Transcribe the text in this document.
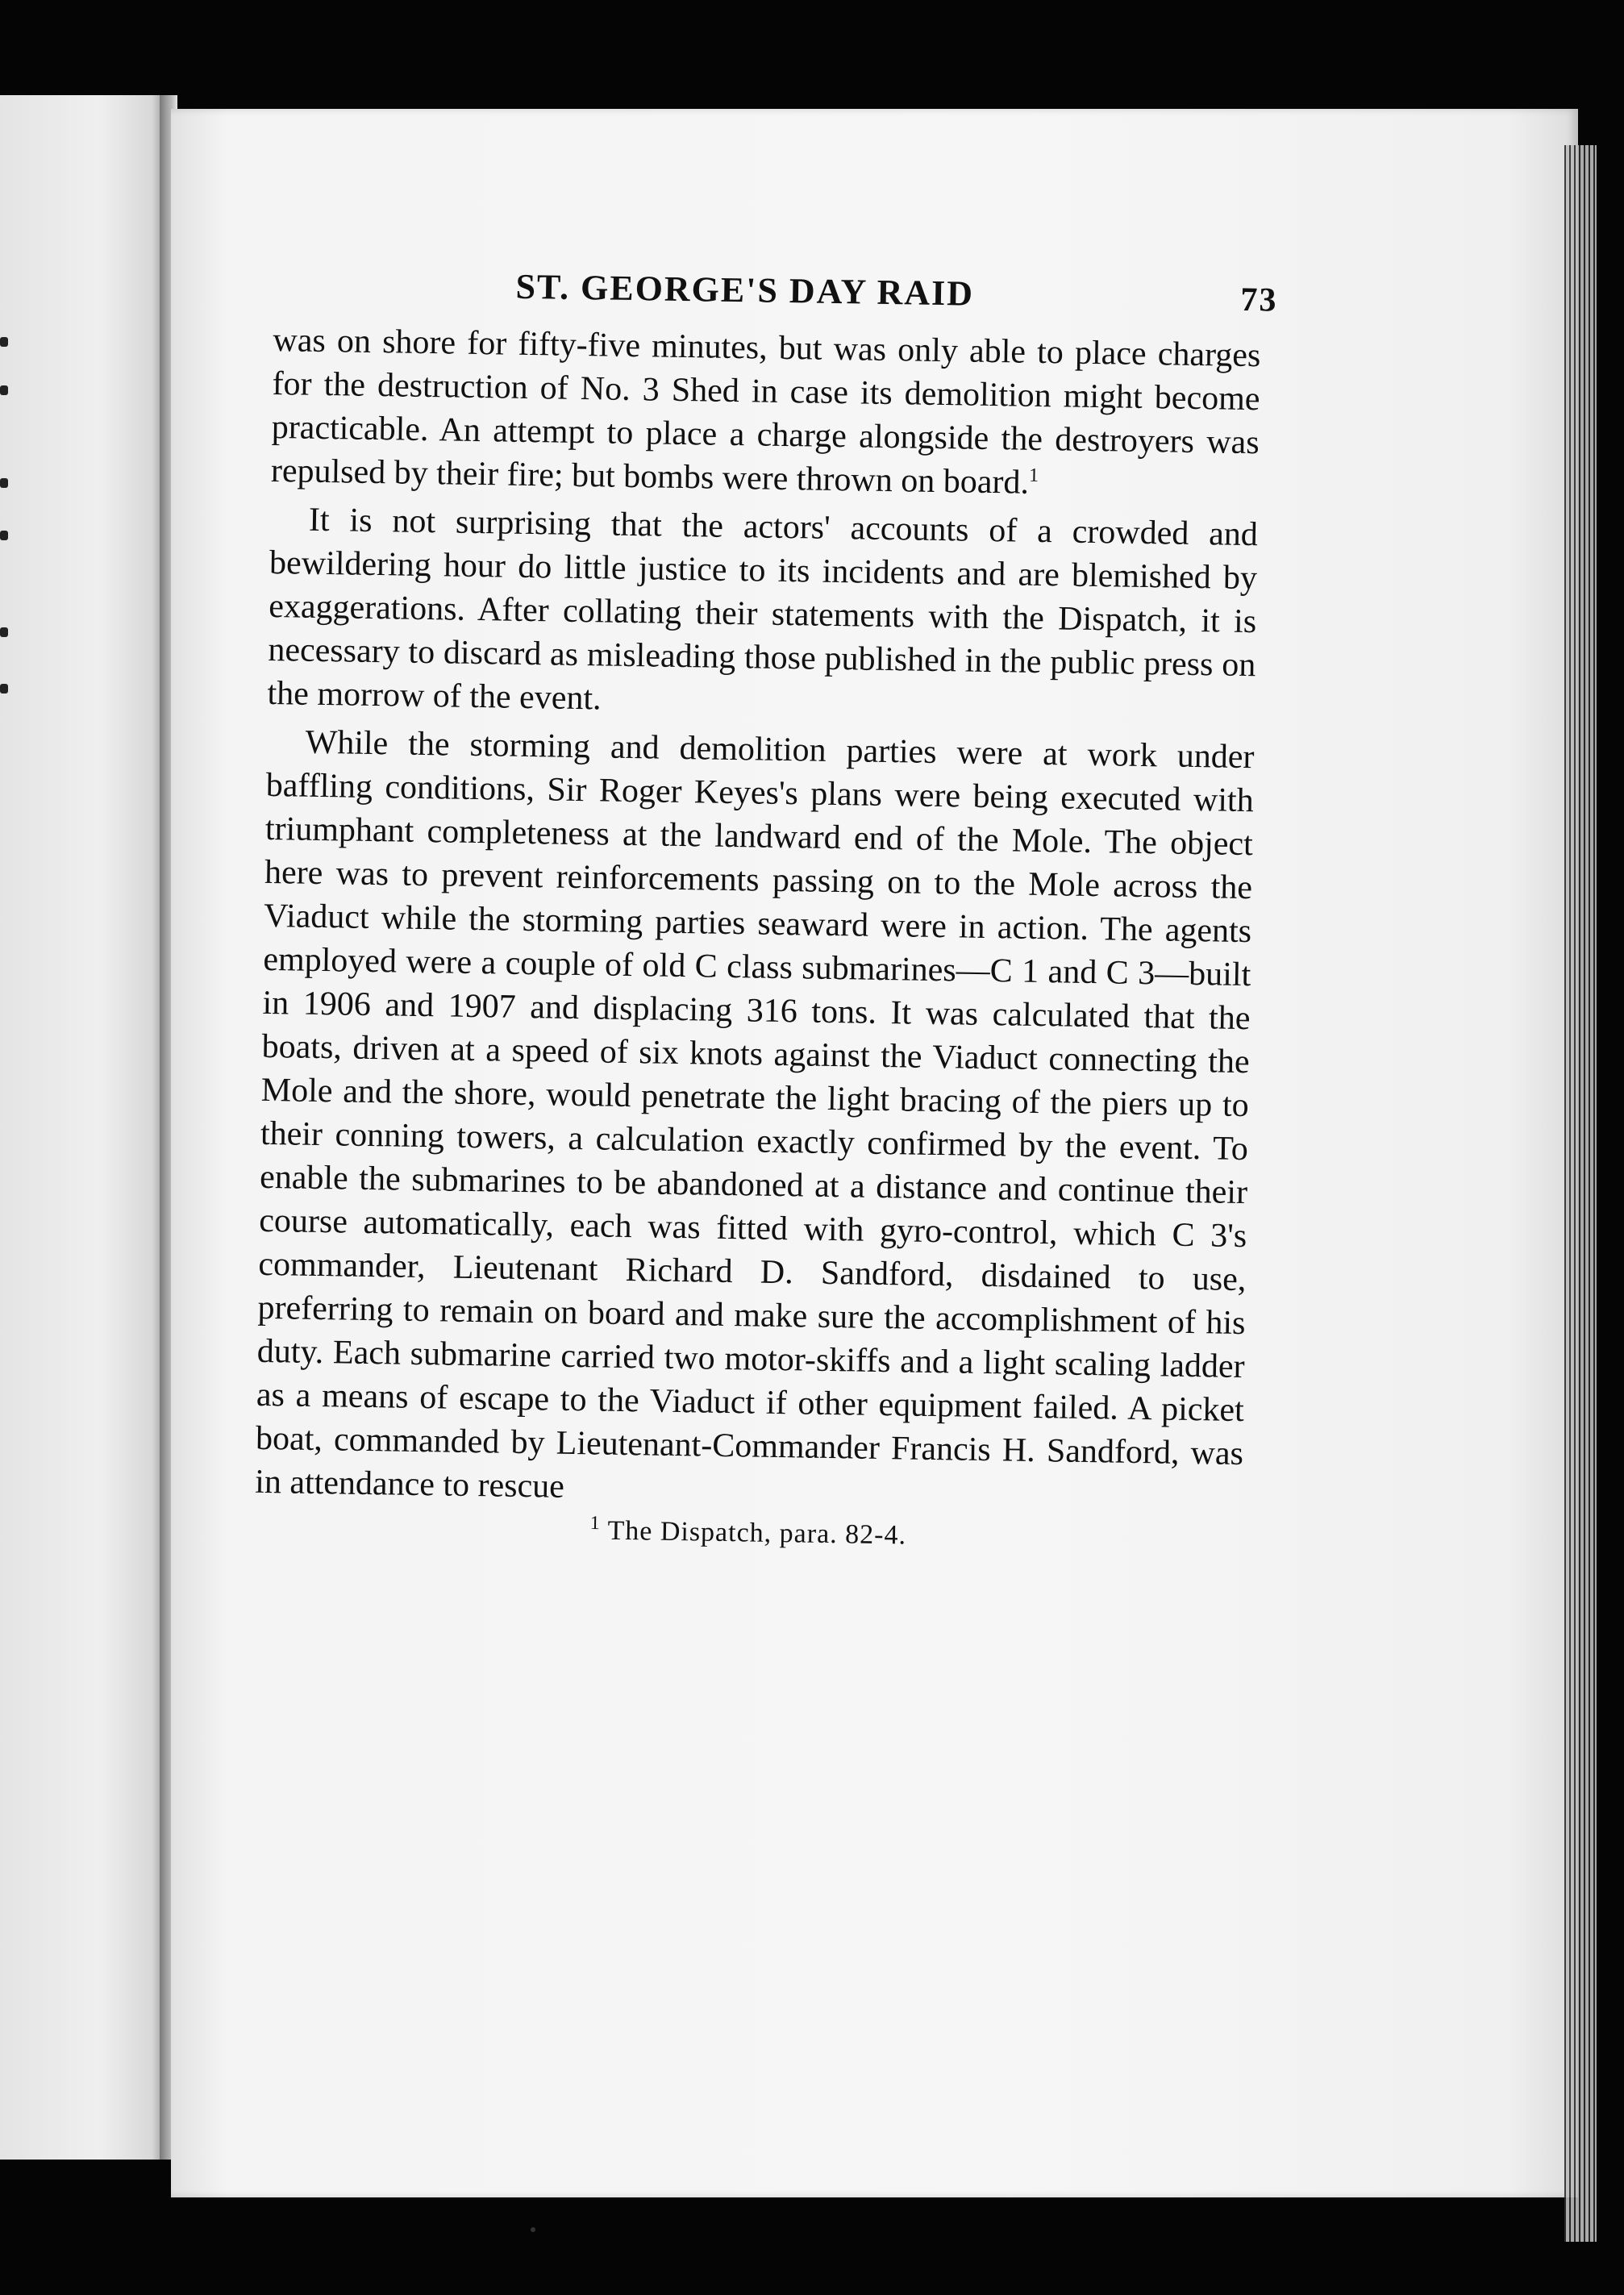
ST. GEORGE'S DAY RAID	73

was on shore for fifty-five minutes, but was only able to place charges for the destruction of No. 3 Shed in case its demolition might become practicable. An attempt to place a charge alongside the destroyers was repulsed by their fire; but bombs were thrown on board.$^1$

It is not surprising that the actors' accounts of a crowded and bewildering hour do little justice to its incidents and are blemished by exaggerations. After collating their statements with the Dispatch, it is necessary to discard as misleading those published in the public press on the morrow of the event.

While the storming and demolition parties were at work under baffling conditions, Sir Roger Keyes's plans were being executed with triumphant completeness at the landward end of the Mole. The object here was to prevent reinforcements passing on to the Mole across the Viaduct while the storming parties seaward were in action. The agents employed were a couple of old C class submarines—C 1 and C 3—built in 1906 and 1907 and displacing 316 tons. It was calculated that the boats, driven at a speed of six knots against the Viaduct connecting the Mole and the shore, would penetrate the light bracing of the piers up to their conning towers, a calculation exactly confirmed by the event. To enable the submarines to be abandoned at a distance and continue their course automatically, each was fitted with gyro-control, which C 3's commander, Lieutenant Richard D. Sandford, disdained to use, preferring to remain on board and make sure the accomplishment of his duty. Each submarine carried two motor-skiffs and a light scaling ladder as a means of escape to the Viaduct if other equipment failed. A picket boat, commanded by Lieutenant-Commander Francis H. Sandford, was in attendance to rescue

$^1$ The Dispatch, para. 82-4.
